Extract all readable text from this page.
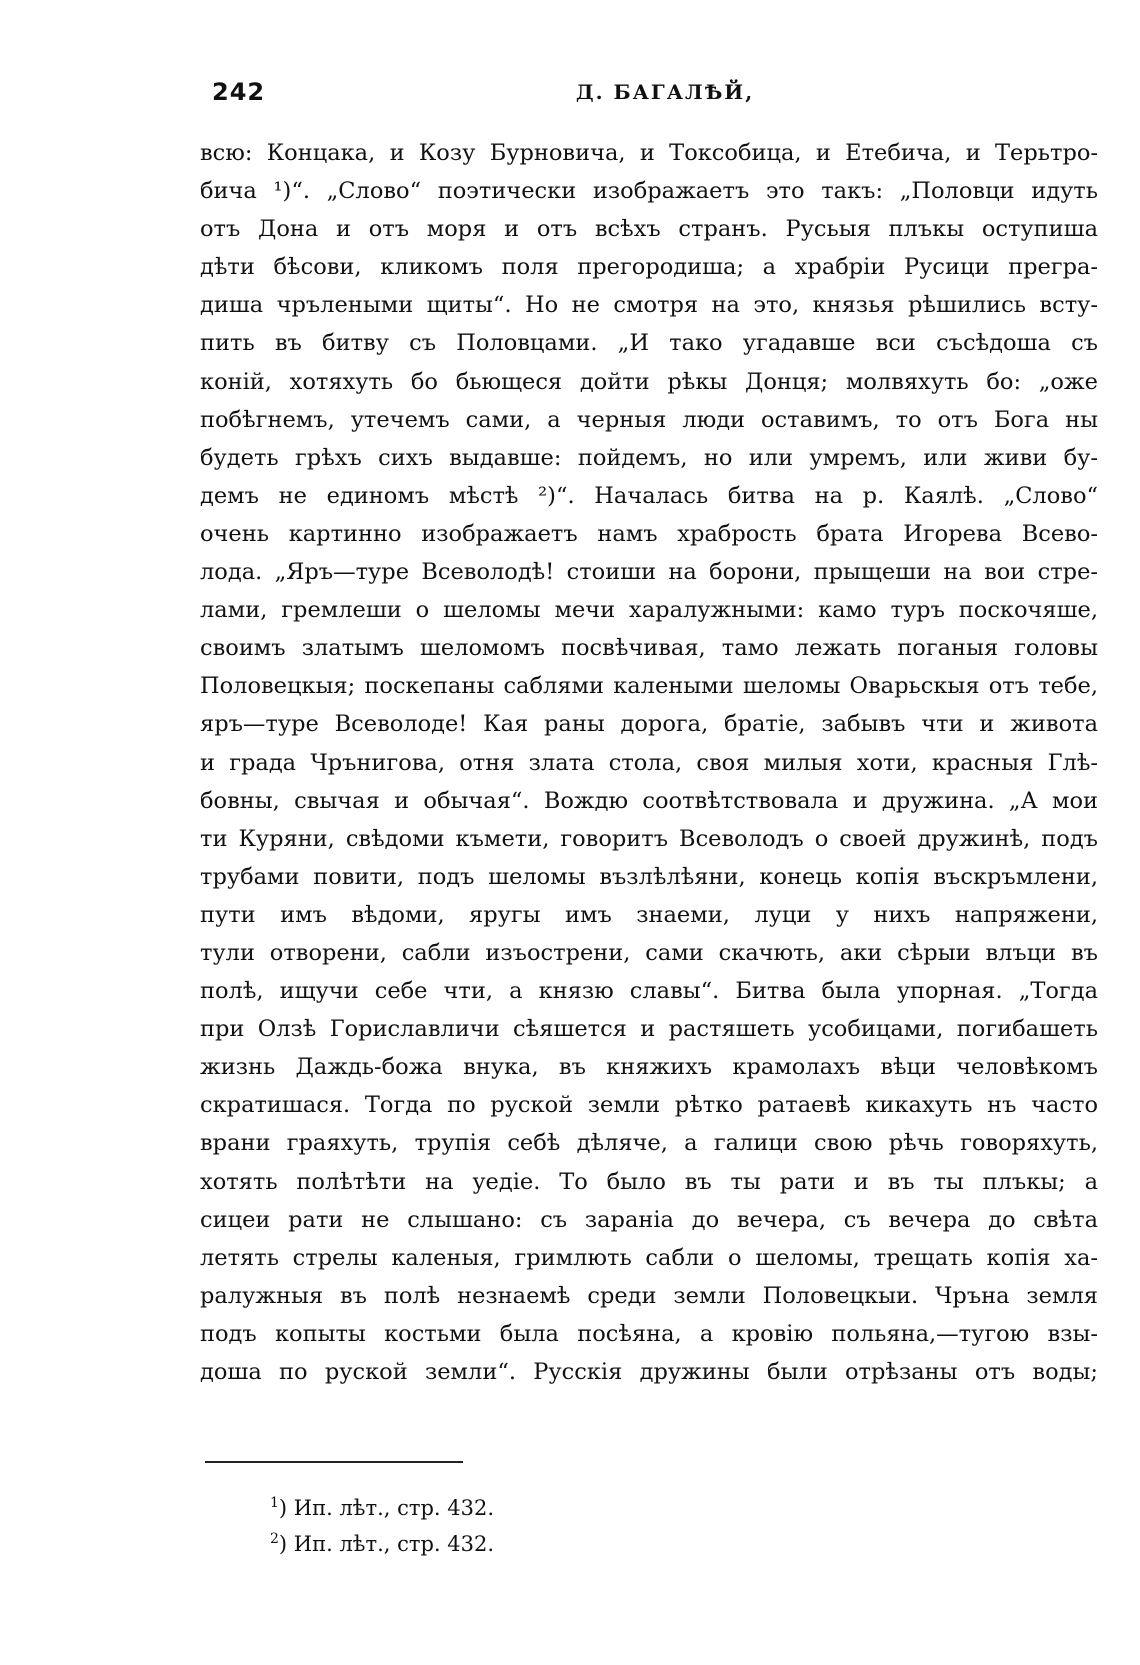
242	Д. БАГАЛѢЙ,
всю: Концака, и Козу Бурновича, и Токсобица, и Етебича, и Терьтро-
бича ¹)“. „Слово“ поэтически изображаетъ это такъ: „Половци идуть
отъ Дона и отъ моря и отъ всѣхъ странъ. Русьыя плъкы оступиша
дѣти бѣсови, кликомъ поля прегородиша; а храбріи Русици прегра-
диша чрълеными щиты“. Но не смотря на это, князья рѣшились всту-
пить въ битву съ Половцами. „И тако угадавше вси съсѣдоша съ
коній, хотяхуть бо бьющеся дойти рѣкы Донця; молвяхуть бо: „оже
побѣгнемъ, утечемъ сами, а черныя люди оставимъ, то отъ Бога ны
будеть грѣхъ сихъ выдавше: пойдемъ, но или умремъ, или живи бу-
демъ не единомъ мѣстѣ ²)“. Началась битва на р. Каялѣ. „Слово“
очень картинно изображаетъ намъ храбрость брата Игорева Всево-
лода. „Яръ—туре Всеволодѣ! стоиши на борони, прыщеши на вои стре-
лами, гремлеши о шеломы мечи харалужными: камо туръ поскочяше,
своимъ златымъ шеломомъ посвѣчивая, тамо лежать поганыя головы
Половецкыя; поскепаны саблями калеными шеломы Оварьскыя отъ тебе,
яръ—туре Всеволоде! Кая раны дорога, братіе, забывъ чти и живота
и града Чрънигова, отня злата стола, своя милыя хоти, красныя Глѣ-
бовны, свычая и обычая“. Вождю соотвѣтствовала и дружина. „А мои
ти Куряни, свѣдоми къмети, говоритъ Всеволодъ о своей дружинѣ, подъ
трубами повити, подъ шеломы възлѣлѣяни, конець копія въскръмлени,
пути имъ вѣдоми, яругы имъ знаеми, луци у нихъ напряжени,
тули отворени, сабли изъострени, сами скачють, аки сѣрыи влъци въ
полѣ, ищучи себе чти, а князю славы“. Битва была упорная. „Тогда
при Олзѣ Гориславличи сѣяшется и растяшеть усобицами, погибашеть
жизнь Даждь-божа внука, въ княжихъ крамолахъ вѣци человѣкомъ
скратишася. Тогда по руской земли рѣтко ратаевѣ кикахуть нъ часто
врани граяхуть, трупія себѣ дѣляче, а галици свою рѣчь говоряхуть,
хотять полѣтѣти на уедіе. То было въ ты рати и въ ты плъкы; а
сицеи рати не слышано: съ зараніа до вечера, съ вечера до свѣта
летять стрелы каленыя, гримлють сабли о шеломы, трещать копія ха-
ралужныя въ полѣ незнаемѣ среди земли Половецкыи. Чръна земля
подъ копыты костьми была посѣяна, а кровію польяна,—тугою взы-
доша по руской земли“. Русскія дружины были отрѣзаны отъ воды;
$^1$) Ип. лѣт., стр. 432.
$^2$) Ип. лѣт., стр. 432.
